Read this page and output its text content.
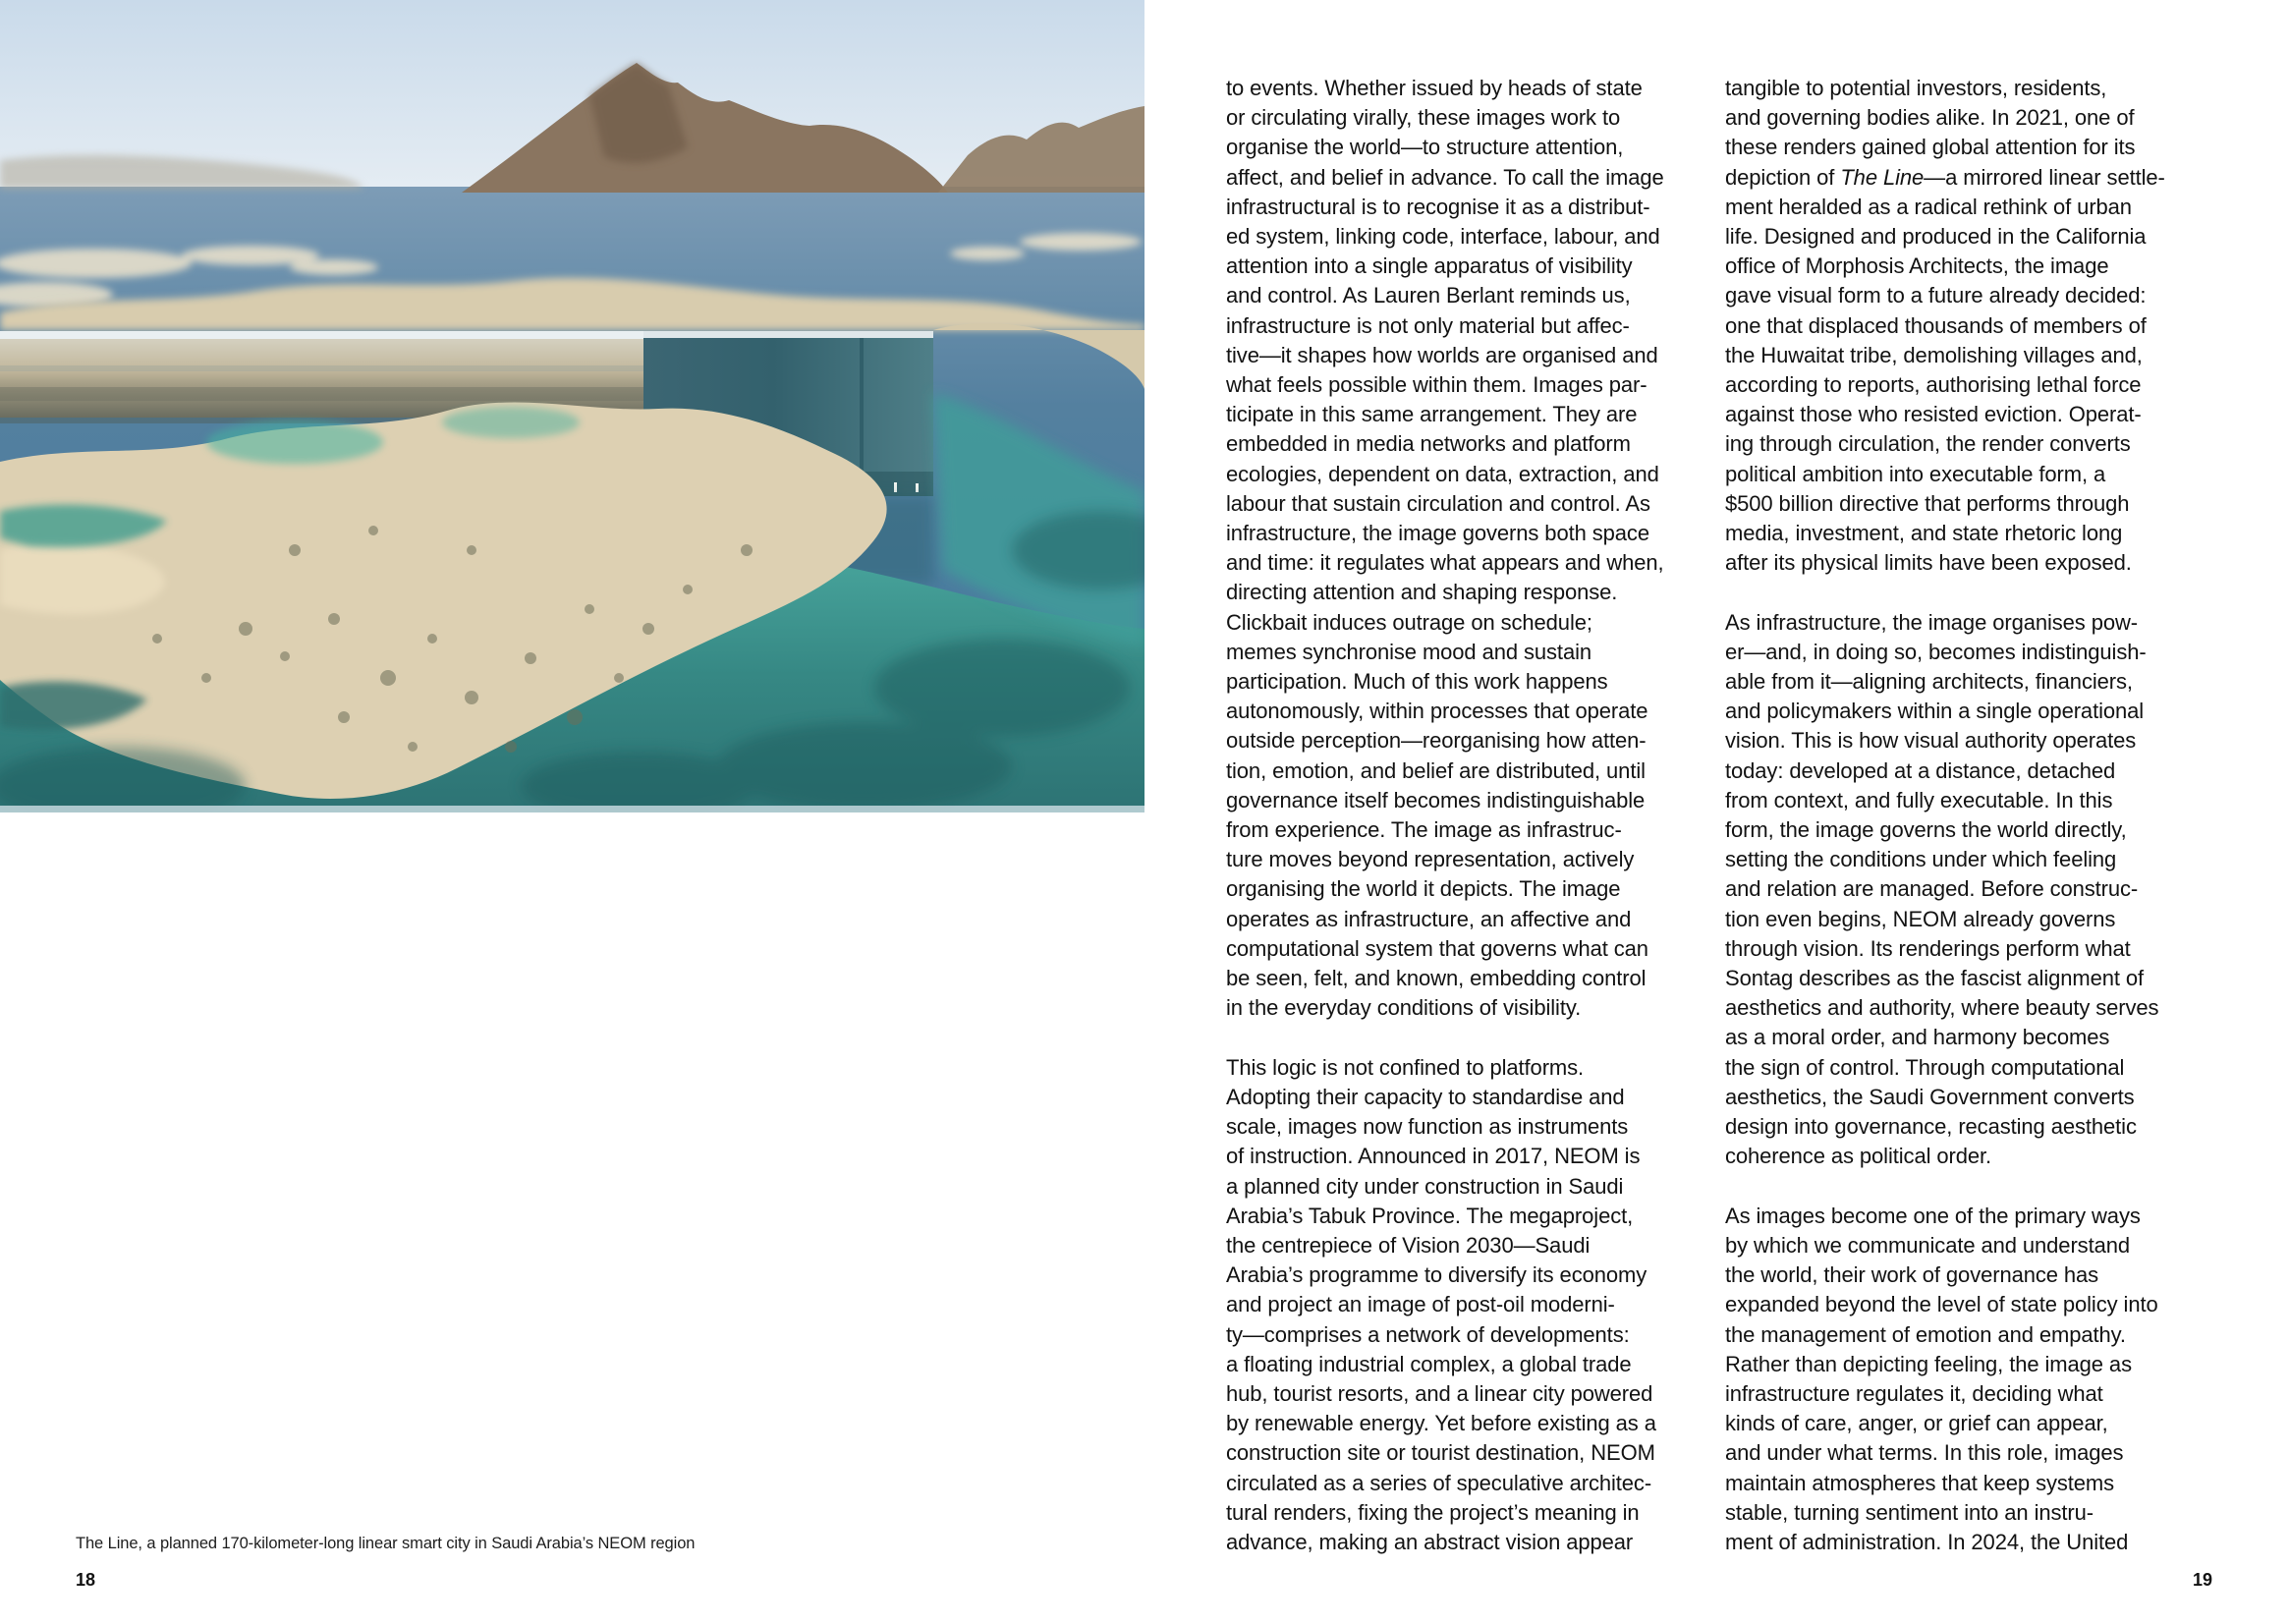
The Line, a planned 170-kilometer-long linear smart city in Saudi Arabia’s NEOM region
18
to events. Whether issued by heads of state
or circulating virally, these images work to
organise the world—to structure attention,
affect, and belief in advance. To call the image
infrastructural is to recognise it as a distribut-
ed system, linking code, interface, labour, and
attention into a single apparatus of visibility
and control. As Lauren Berlant reminds us,
infrastructure is not only material but affec-
tive—it shapes how worlds are organised and
what feels possible within them. Images par-
ticipate in this same arrangement. They are
embedded in media networks and platform
ecologies, dependent on data, extraction, and
labour that sustain circulation and control. As
infrastructure, the image governs both space
and time: it regulates what appears and when,
directing attention and shaping response.
Clickbait induces outrage on schedule;
memes synchronise mood and sustain
participation. Much of this work happens
autonomously, within processes that operate
outside perception—reorganising how atten-
tion, emotion, and belief are distributed, until
governance itself becomes indistinguishable
from experience. The image as infrastruc-
ture moves beyond representation, actively
organising the world it depicts. The image
operates as infrastructure, an affective and
computational system that governs what can
be seen, felt, and known, embedding control
in the everyday conditions of visibility.
This logic is not confined to platforms.
Adopting their capacity to standardise and
scale, images now function as instruments
of instruction. Announced in 2017, NEOM is
a planned city under construction in Saudi
Arabia’s Tabuk Province. The megaproject,
the centrepiece of Vision 2030—Saudi
Arabia’s programme to diversify its economy
and project an image of post-oil moderni-
ty—comprises a network of developments:
a floating industrial complex, a global trade
hub, tourist resorts, and a linear city powered
by renewable energy. Yet before existing as a
construction site or tourist destination, NEOM
circulated as a series of speculative architec-
tural renders, fixing the project’s meaning in
advance, making an abstract vision appear
tangible to potential investors, residents,
and governing bodies alike. In 2021, one of
these renders gained global attention for its
depiction of The Line—a mirrored linear settle-
ment heralded as a radical rethink of urban
life. Designed and produced in the California
office of Morphosis Architects, the image
gave visual form to a future already decided:
one that displaced thousands of members of
the Huwaitat tribe, demolishing villages and,
according to reports, authorising lethal force
against those who resisted eviction. Operat-
ing through circulation, the render converts
political ambition into executable form, a
$500 billion directive that performs through
media, investment, and state rhetoric long
after its physical limits have been exposed.
As infrastructure, the image organises pow-
er—and, in doing so, becomes indistinguish-
able from it—aligning architects, financiers,
and policymakers within a single operational
vision. This is how visual authority operates
today: developed at a distance, detached
from context, and fully executable. In this
form, the image governs the world directly,
setting the conditions under which feeling
and relation are managed. Before construc-
tion even begins, NEOM already governs
through vision. Its renderings perform what
Sontag describes as the fascist alignment of
aesthetics and authority, where beauty serves
as a moral order, and harmony becomes
the sign of control. Through computational
aesthetics, the Saudi Government converts
design into governance, recasting aesthetic
coherence as political order.
As images become one of the primary ways
by which we communicate and understand
the world, their work of governance has
expanded beyond the level of state policy into
the management of emotion and empathy.
Rather than depicting feeling, the image as
infrastructure regulates it, deciding what
kinds of care, anger, or grief can appear,
and under what terms. In this role, images
maintain atmospheres that keep systems
stable, turning sentiment into an instru-
ment of administration. In 2024, the United
19
